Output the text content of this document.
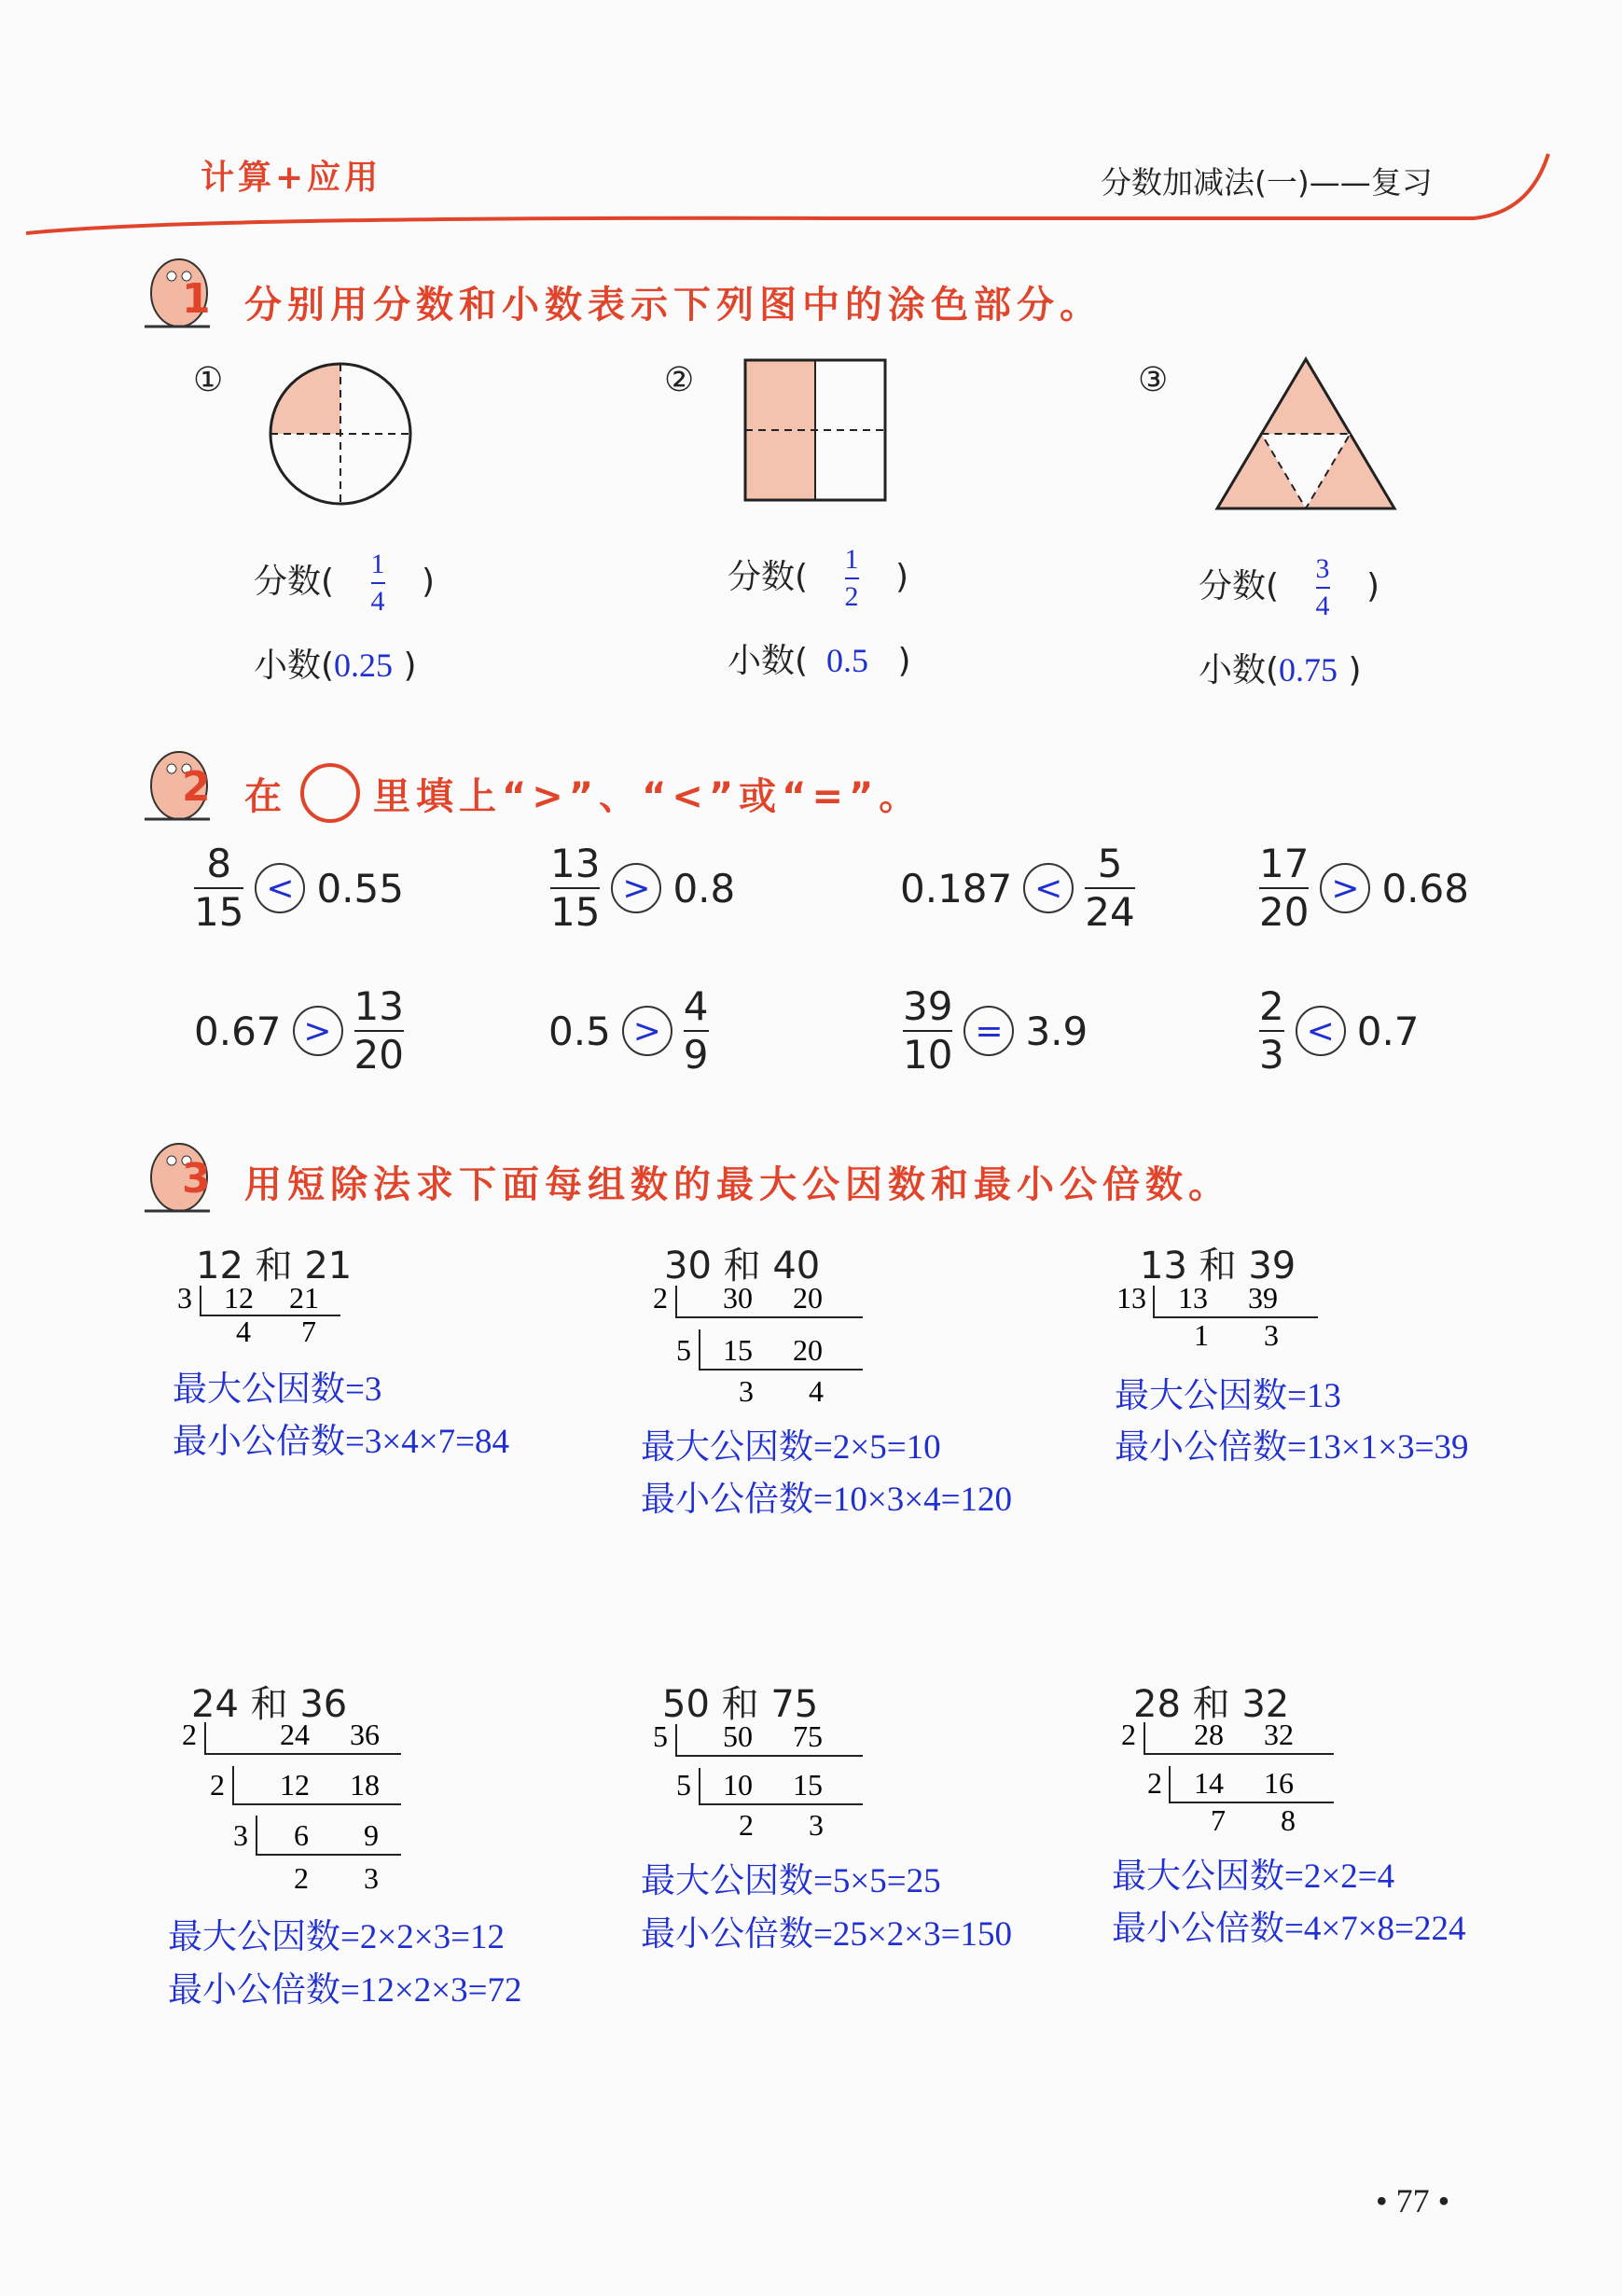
计算+应用	分数加减法(一)——复习
1 分别用分数和小数表示下列图中的涂色部分。
①
分数( $\frac{1}{4}$ )
小数(0.25 )
②
分数( $\frac{1}{2}$ )
小数( 0.5 )
③
分数( $\frac{3}{4}$ )
小数(0.75 )
2 在 里填上“>”、“<”或“=”。
$\frac{8}{15} < 0.55$	$\frac{13}{15} > 0.8$	$0.187 < \frac{5}{24}$	$\frac{17}{20} > 0.68$
$0.67 > \frac{13}{20}$	$0.5 > \frac{4}{9}$	$\frac{39}{10} = 3.9$	$\frac{2}{3} < 0.7$
3 用短除法求下面每组数的最大公因数和最小公倍数。
12 和 21
3 12 21
4 7
最大公因数=3
最小公倍数=3×4×7=84
30 和 40
2 30 20
5 15 20
3 4
最大公因数=2×5=10
最小公倍数=10×3×4=120
13 和 39
13 13 39
1 3
最大公因数=13
最小公倍数=13×1×3=39
24 和 36
2	24 36
2 12 18
3 6 9
2 3
最大公因数=2×2×3=12
最小公倍数=12×2×3=72
50 和 75
5 50 75
5 10 15
2 3
最大公因数=5×5=25
最小公倍数=25×2×3=150
28 和 32
2 28 32
2 14 16
7 8
最大公因数=2×2=4
最小公倍数=4×7×8=224
• 77 •
